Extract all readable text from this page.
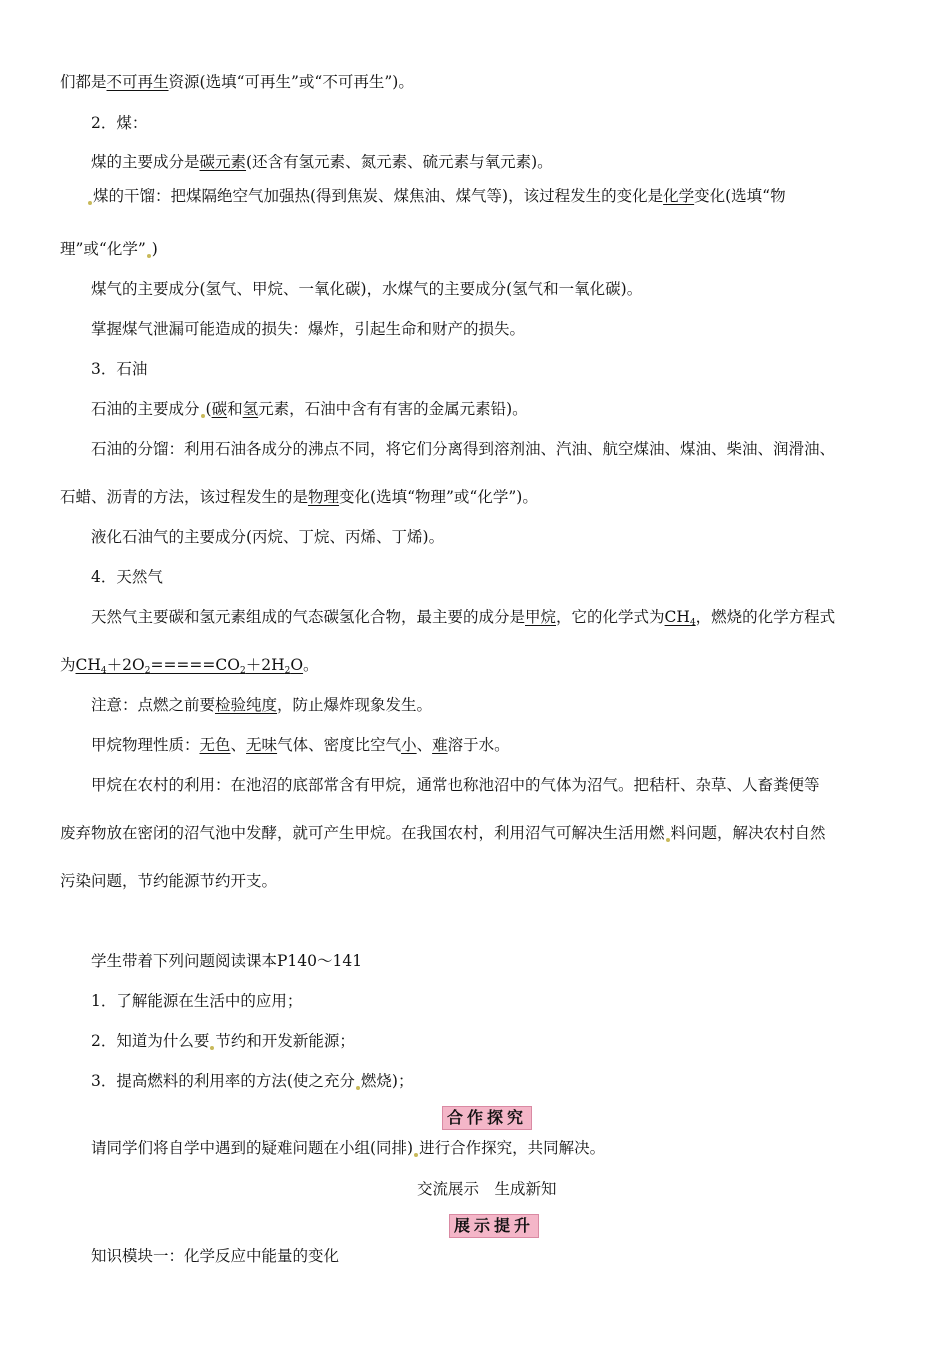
们都是不可再生资源(选填“可再生”或“不可再生”)。
2．煤：
煤的主要成分是碳元素(还含有氢元素、氮元素、硫元素与氧元素)。
煤的干馏：把煤隔绝空气加强热(得到焦炭、煤焦油、煤气等)，该过程发生的变化是化学变化(选填“物
理”或“化学” )
煤气的主要成分(氢气、甲烷、一氧化碳)，水煤气的主要成分(氢气和一氧化碳)。
掌握煤气泄漏可能造成的损失：爆炸，引起生命和财产的损失。
3．石油
石油的主要成分 (碳和氢元素，石油中含有有害的金属元素铅)。
石油的分馏：利用石油各成分的沸点不同，将它们分离得到溶剂油、汽油、航空煤油、煤油、柴油、润滑油、
石蜡、沥青的方法，该过程发生的是物理变化(选填“物理”或“化学”)。
液化石油气的主要成分(丙烷、丁烷、丙烯、丁烯)。
4．天然气
天然气主要碳和氢元素组成的气态碳氢化合物，最主要的成分是甲烷，它的化学式为$CH_4$，燃烧的化学方程式
为$CH_4+2O_2=====CO_2+2H_2O$。
注意：点燃之前要检验纯度，防止爆炸现象发生。
甲烷物理性质：无色、无味气体、密度比空气小、难溶于水。
甲烷在农村的利用：在池沼的底部常含有甲烷，通常也称池沼中的气体为沼气。把秸杆、杂草、人畜粪便等
废弃物放在密闭的沼气池中发酵，就可产生甲烷。在我国农村，利用沼气可解决生活用燃 料问题，解决农村自然
污染问题，节约能源节约开支。
学生带着下列问题阅读课本P140～141
1．了解能源在生活中的应用；
2．知道为什么要 节约和开发新能源；
3．提高燃料的利用率的方法(使之充分 燃烧)；
合作探究
请同学们将自学中遇到的疑难问题在小组(同排) 进行合作探究，共同解决。
交流展示　生成新知
展示提升
知识模块一：化学反应中能量的变化
